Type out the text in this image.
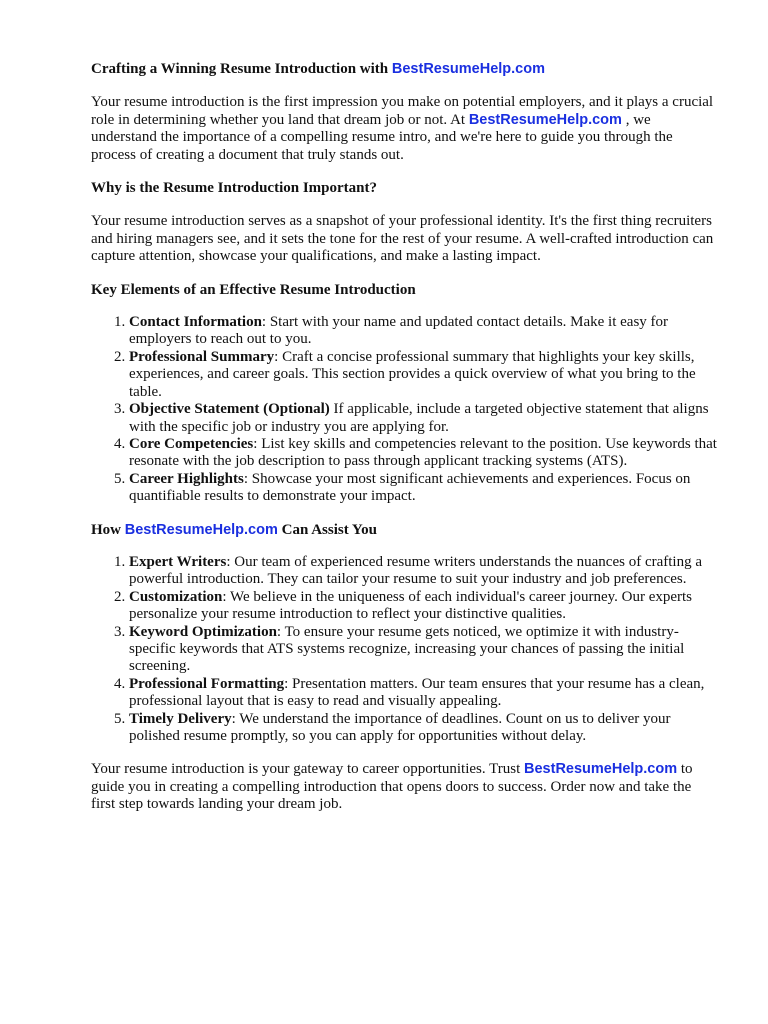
Crafting a Winning Resume Introduction with BestResumeHelp.com

Your resume introduction is the first impression you make on potential employers, and it plays a crucial role in determining whether you land that dream job or not. At BestResumeHelp.com , we understand the importance of a compelling resume intro, and we're here to guide you through the process of creating a document that truly stands out.

Why is the Resume Introduction Important?

Your resume introduction serves as a snapshot of your professional identity. It's the first thing recruiters and hiring managers see, and it sets the tone for the rest of your resume. A well-crafted introduction can capture attention, showcase your qualifications, and make a lasting impact.

Key Elements of an Effective Resume Introduction
1. Contact Information: Start with your name and updated contact details. Make it easy for employers to reach out to you.
2. Professional Summary: Craft a concise professional summary that highlights your key skills, experiences, and career goals. This section provides a quick overview of what you bring to the table.
3. Objective Statement (Optional) If applicable, include a targeted objective statement that aligns with the specific job or industry you are applying for.
4. Core Competencies: List key skills and competencies relevant to the position. Use keywords that resonate with the job description to pass through applicant tracking systems (ATS).
5. Career Highlights: Showcase your most significant achievements and experiences. Focus on quantifiable results to demonstrate your impact.
How BestResumeHelp.com Can Assist You
1. Expert Writers: Our team of experienced resume writers understands the nuances of crafting a powerful introduction. They can tailor your resume to suit your industry and job preferences.
2. Customization: We believe in the uniqueness of each individual's career journey. Our experts personalize your resume introduction to reflect your distinctive qualities.
3. Keyword Optimization: To ensure your resume gets noticed, we optimize it with industry-specific keywords that ATS systems recognize, increasing your chances of passing the initial screening.
4. Professional Formatting: Presentation matters. Our team ensures that your resume has a clean, professional layout that is easy to read and visually appealing.
5. Timely Delivery: We understand the importance of deadlines. Count on us to deliver your polished resume promptly, so you can apply for opportunities without delay.

Your resume introduction is your gateway to career opportunities. Trust BestResumeHelp.com to guide you in creating a compelling introduction that opens doors to success. Order now and take the first step towards landing your dream job.
